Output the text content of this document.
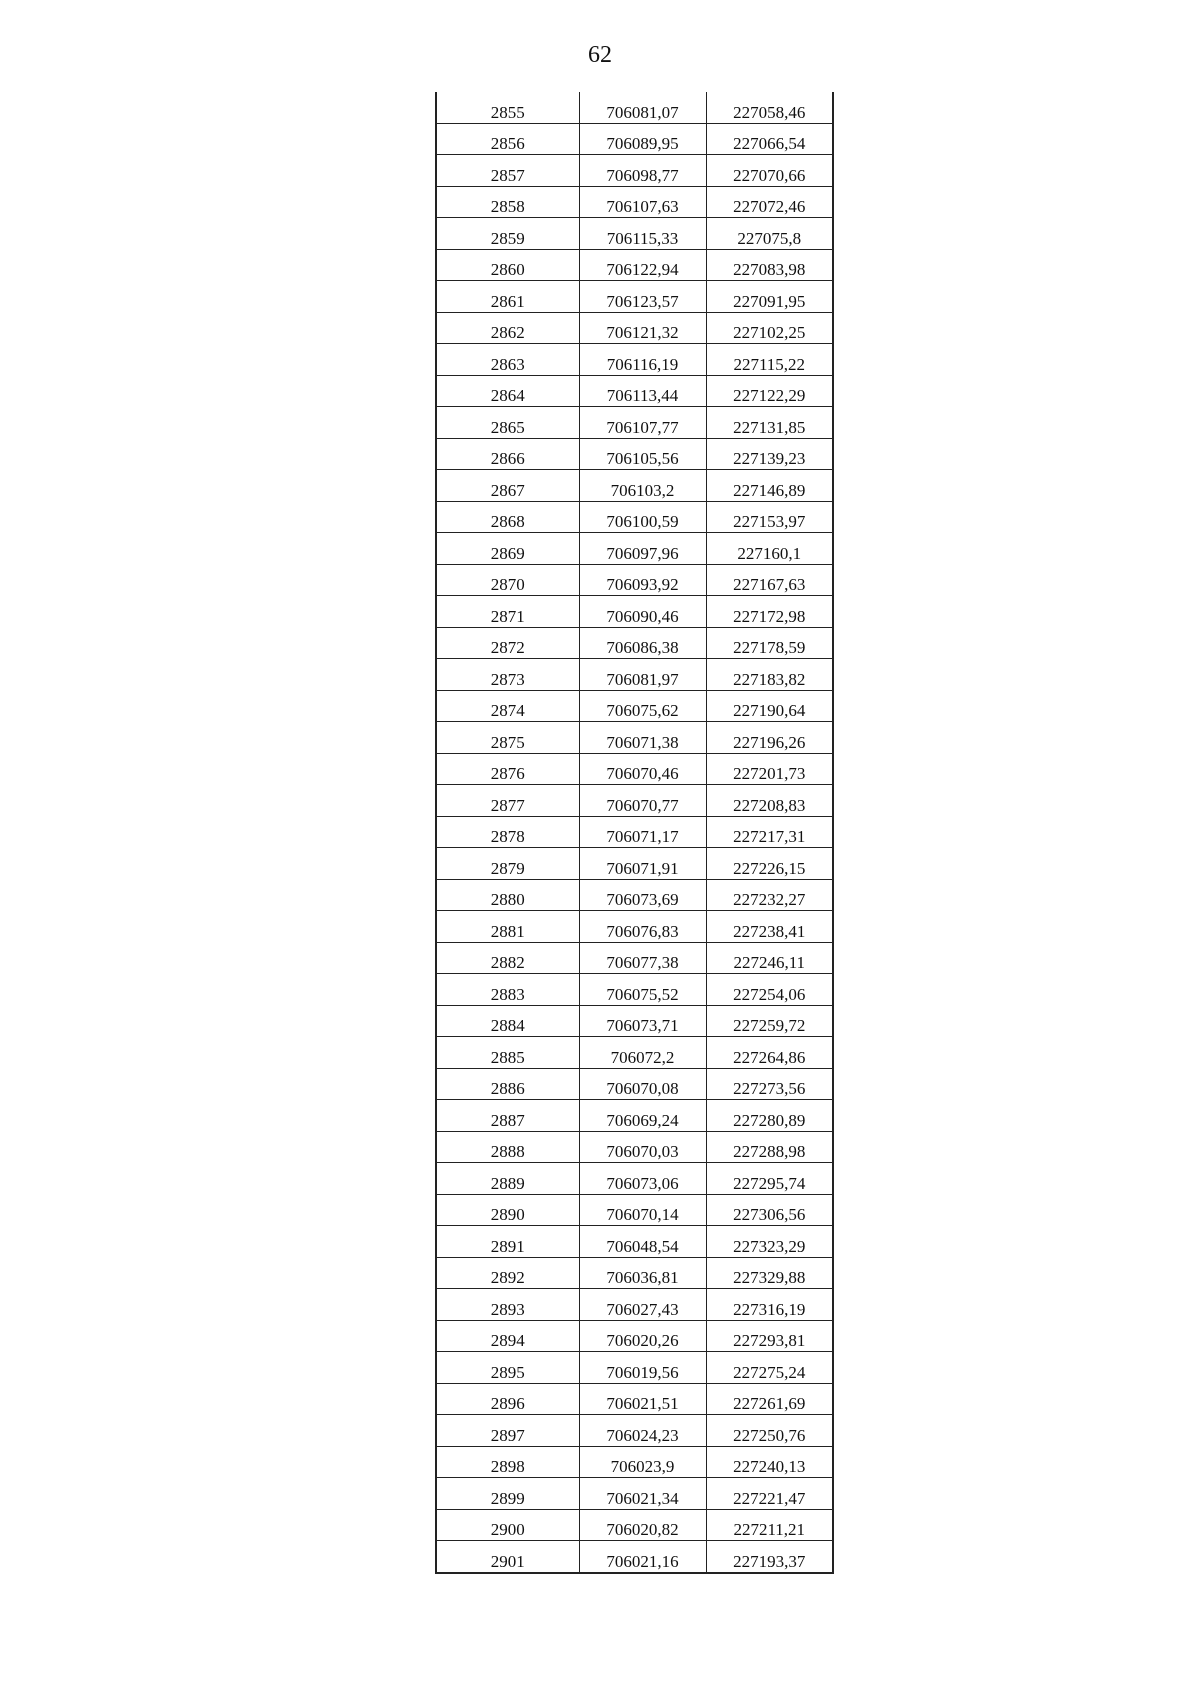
62
2855	706081,07	227058,46
2856	706089,95	227066,54
2857	706098,77	227070,66
2858	706107,63	227072,46
2859	706115,33	227075,8
2860	706122,94	227083,98
2861	706123,57	227091,95
2862	706121,32	227102,25
2863	706116,19	227115,22
2864	706113,44	227122,29
2865	706107,77	227131,85
2866	706105,56	227139,23
2867	706103,2	227146,89
2868	706100,59	227153,97
2869	706097,96	227160,1
2870	706093,92	227167,63
2871	706090,46	227172,98
2872	706086,38	227178,59
2873	706081,97	227183,82
2874	706075,62	227190,64
2875	706071,38	227196,26
2876	706070,46	227201,73
2877	706070,77	227208,83
2878	706071,17	227217,31
2879	706071,91	227226,15
2880	706073,69	227232,27
2881	706076,83	227238,41
2882	706077,38	227246,11
2883	706075,52	227254,06
2884	706073,71	227259,72
2885	706072,2	227264,86
2886	706070,08	227273,56
2887	706069,24	227280,89
2888	706070,03	227288,98
2889	706073,06	227295,74
2890	706070,14	227306,56
2891	706048,54	227323,29
2892	706036,81	227329,88
2893	706027,43	227316,19
2894	706020,26	227293,81
2895	706019,56	227275,24
2896	706021,51	227261,69
2897	706024,23	227250,76
2898	706023,9	227240,13
2899	706021,34	227221,47
2900	706020,82	227211,21
2901	706021,16	227193,37
